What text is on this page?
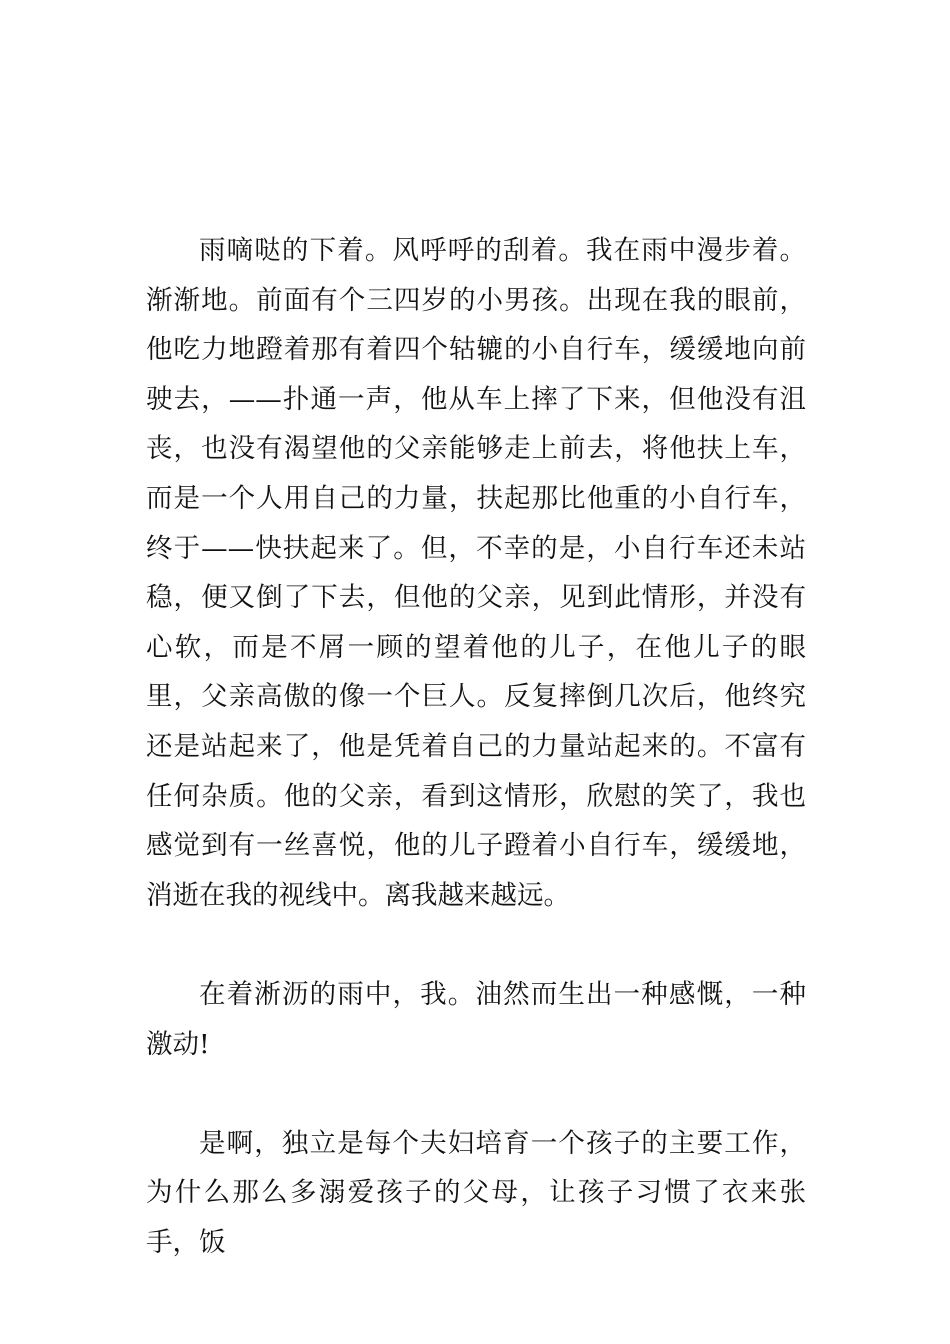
雨嘀哒的下着。风呼呼的刮着。我在雨中漫步着。渐渐地。前面有个三四岁的小男孩。出现在我的眼前，他吃力地蹬着那有着四个轱辘的小自行车，缓缓地向前驶去，——扑通一声，他从车上摔了下来，但他没有沮丧，也没有渴望他的父亲能够走上前去，将他扶上车，而是一个人用自己的力量，扶起那比他重的小自行车，终于——快扶起来了。但，不幸的是，小自行车还未站稳，便又倒了下去，但他的父亲，见到此情形，并没有心软，而是不屑一顾的望着他的儿子，在他儿子的眼里，父亲高傲的像一个巨人。反复摔倒几次后，他终究还是站起来了，他是凭着自己的力量站起来的。不富有任何杂质。他的父亲，看到这情形，欣慰的笑了，我也感觉到有一丝喜悦，他的儿子蹬着小自行车，缓缓地，消逝在我的视线中。离我越来越远。

在着淅沥的雨中，我。油然而生出一种感慨，一种激动!

是啊，独立是每个夫妇培育一个孩子的主要工作，为什么那么多溺爱孩子的父母，让孩子习惯了衣来张手，饭
